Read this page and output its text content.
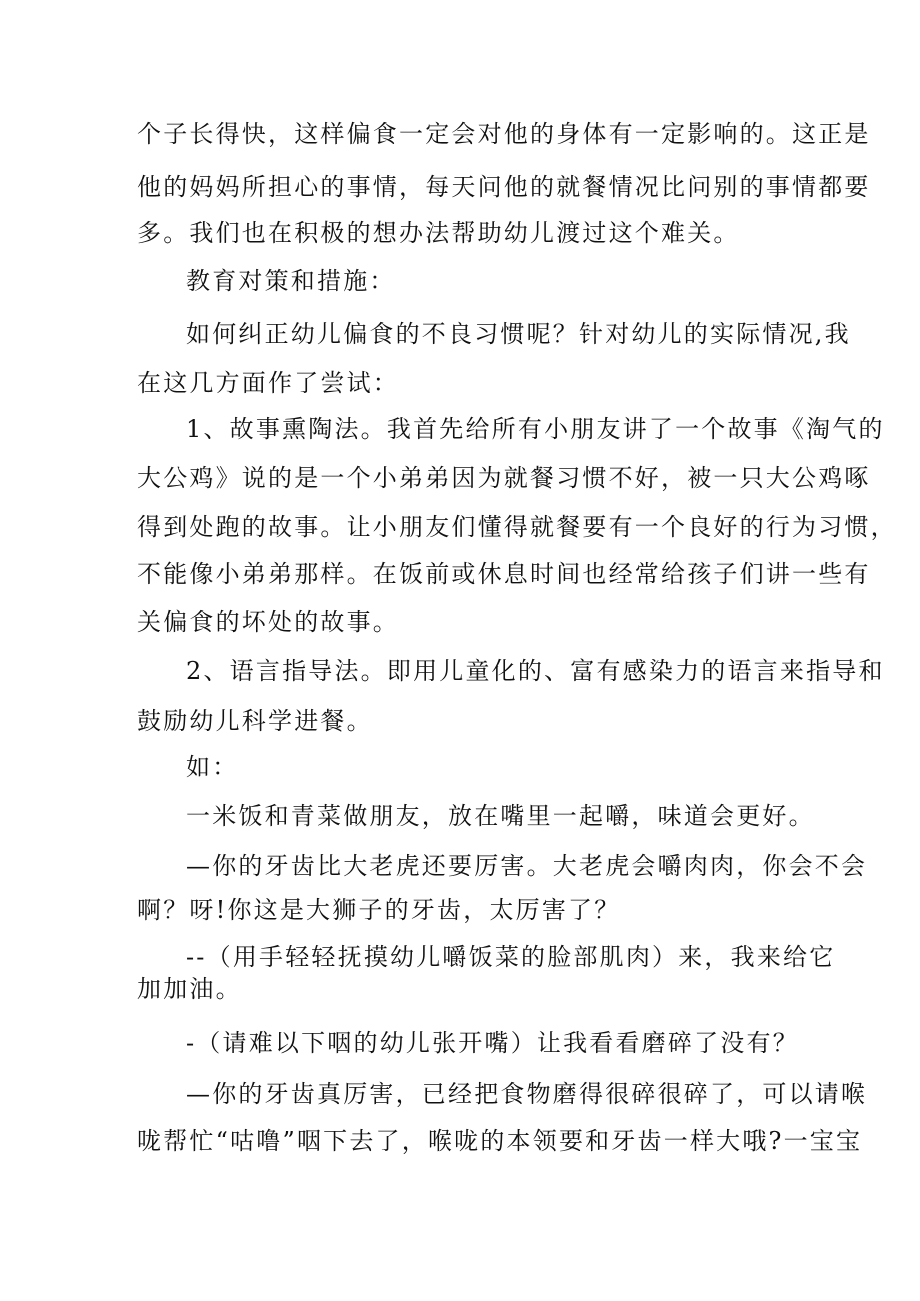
个子长得快，这样偏食一定会对他的身体有一定影响的。这正是
他的妈妈所担心的事情，每天问他的就餐情况比问别的事情都要
多。我们也在积极的想办法帮助幼儿渡过这个难关。
教育对策和措施：
如何纠正幼儿偏食的不良习惯呢？针对幼儿的实际情况,我
在这几方面作了尝试：
1、故事熏陶法。我首先给所有小朋友讲了一个故事《淘气的
大公鸡》说的是一个小弟弟因为就餐习惯不好，被一只大公鸡啄
得到处跑的故事。让小朋友们懂得就餐要有一个良好的行为习惯，
不能像小弟弟那样。在饭前或休息时间也经常给孩子们讲一些有
关偏食的坏处的故事。
2、语言指导法。即用儿童化的、富有感染力的语言来指导和
鼓励幼儿科学进餐。
如：
一米饭和青菜做朋友，放在嘴里一起嚼，味道会更好。
—你的牙齿比大老虎还要厉害。大老虎会嚼肉肉，你会不会
啊？呀!你这是大狮子的牙齿，太厉害了？
--（用手轻轻抚摸幼儿嚼饭菜的脸部肌肉）来，我来给它
加加油。
-（请难以下咽的幼儿张开嘴）让我看看磨碎了没有？
—你的牙齿真厉害，已经把食物磨得很碎很碎了，可以请喉
咙帮忙“咕噜”咽下去了，喉咙的本领要和牙齿一样大哦?一宝宝
